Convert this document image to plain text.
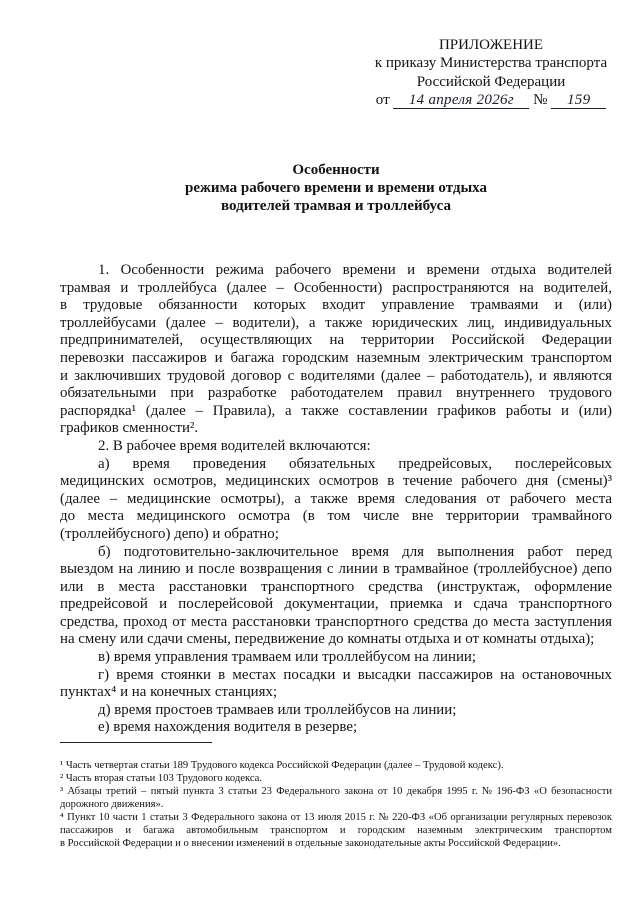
ПРИЛОЖЕНИЕ
к приказу Министерства транспорта
Российской Федерации
от 14 апреля 2026г № 159
Особенности
режима рабочего времени и времени отдыха
водителей трамвая и троллейбуса
1. Особенности режима рабочего времени и времени отдыха водителей
трамвая и троллейбуса (далее – Особенности) распространяются на водителей,
в трудовые обязанности которых входит управление трамваями и (или)
троллейбусами (далее – водители), а также юридических лиц, индивидуальных
предпринимателей, осуществляющих на территории Российской Федерации
перевозки пассажиров и багажа городским наземным электрическим транспортом
и заключивших трудовой договор с водителями (далее – работодатель), и являются
обязательными при разработке работодателем правил внутреннего трудового
распорядка¹ (далее – Правила), а также составлении графиков работы и (или)
графиков сменности².
2. В рабочее время водителей включаются:
а) время проведения обязательных предрейсовых, послерейсовых
медицинских осмотров, медицинских осмотров в течение рабочего дня (смены)³
(далее – медицинские осмотры), а также время следования от рабочего места
до места медицинского осмотра (в том числе вне территории трамвайного
(троллейбусного) депо) и обратно;
б) подготовительно-заключительное время для выполнения работ перед
выездом на линию и после возвращения с линии в трамвайное (троллейбусное) депо
или в места расстановки транспортного средства (инструктаж, оформление
предрейсовой и послерейсовой документации, приемка и сдача транспортного
средства, проход от места расстановки транспортного средства до места заступления
на смену или сдачи смены, передвижение до комнаты отдыха и от комнаты отдыха);
в) время управления трамваем или троллейбусом на линии;
г) время стоянки в местах посадки и высадки пассажиров на остановочных
пунктах⁴ и на конечных станциях;
д) время простоев трамваев или троллейбусов на линии;
е) время нахождения водителя в резерве;
¹ Часть четвертая статьи 189 Трудового кодекса Российской Федерации (далее – Трудовой кодекс).
² Часть вторая статьи 103 Трудового кодекса.
³ Абзацы третий – пятый пункта 3 статьи 23 Федерального закона от 10 декабря 1995 г. № 196-ФЗ «О безопасности
дорожного движения».
⁴ Пункт 10 части 1 статьи 3 Федерального закона от 13 июля 2015 г. № 220-ФЗ «Об организации регулярных перевозок
пассажиров и багажа автомобильным транспортом и городским наземным электрическим транспортом
в Российской Федерации и о внесении изменений в отдельные законодательные акты Российской Федерации».
